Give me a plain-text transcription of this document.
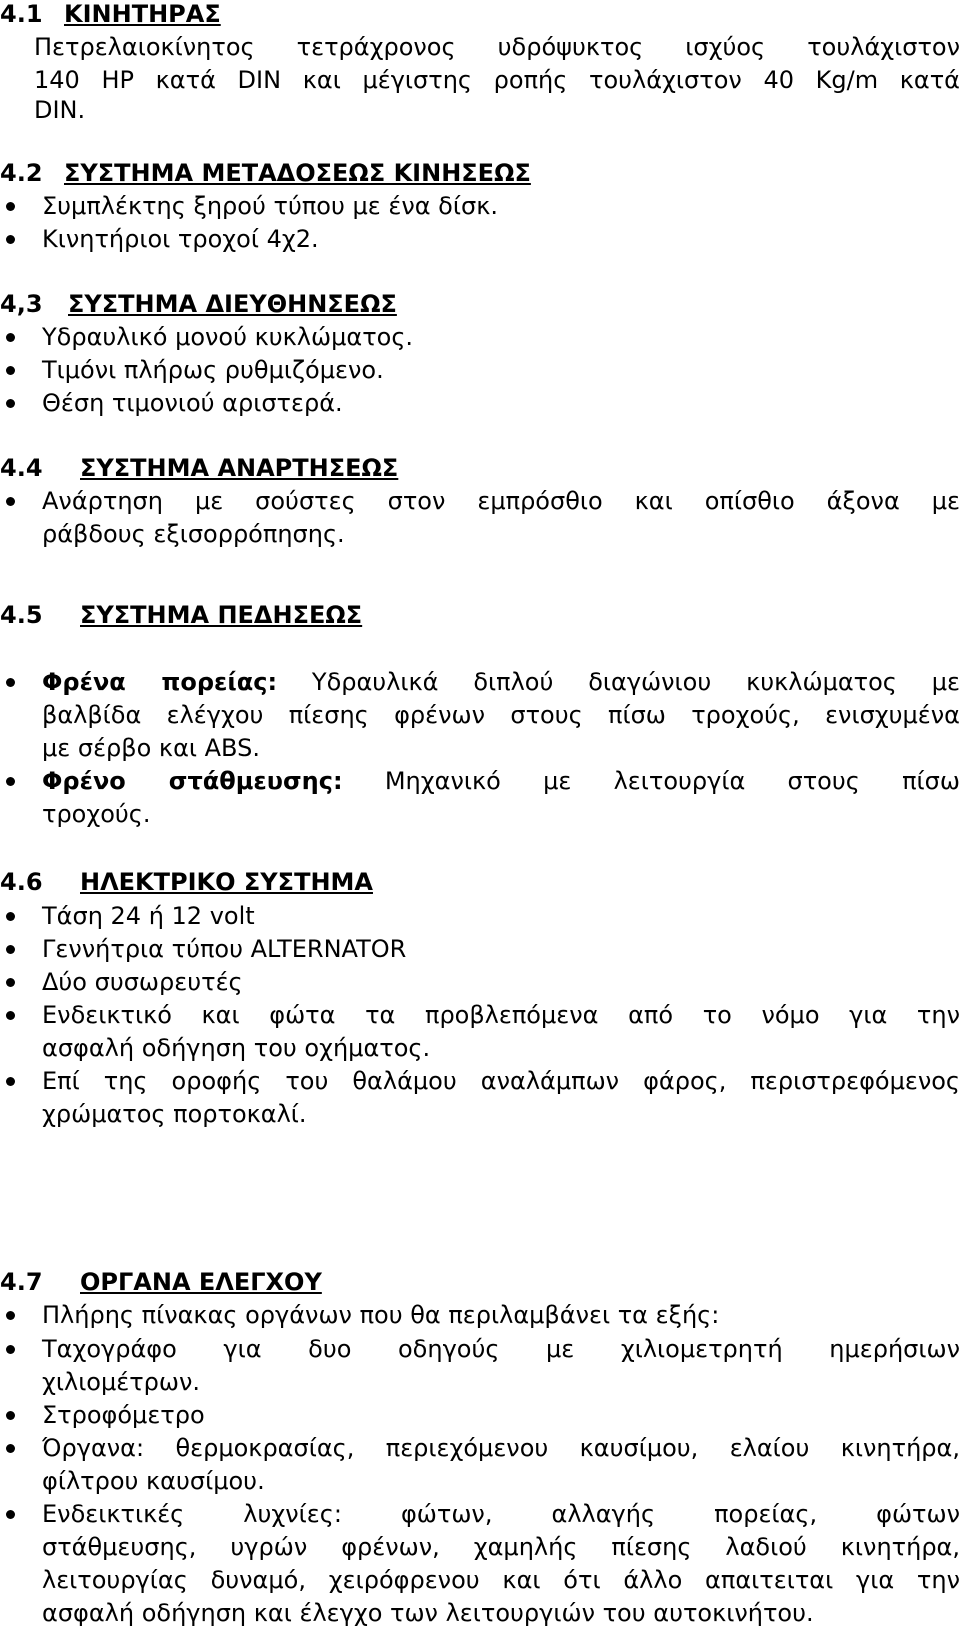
4.1 ΚΙΝΗΤΗΡΑΣ
Πετρελαιοκίνητος τετράχρονος υδρόψυκτος ισχύος τουλάχιστον
140 HP κατά DIN και μέγιστης ροπής τουλάχιστον 40 Kg/m κατά
DIN.
4.2 ΣΥΣΤΗΜΑ ΜΕΤΑΔΟΣΕΩΣ ΚΙΝΗΣΕΩΣ
Συμπλέκτης ξηρού τύπου με ένα δίσκ.
Κινητήριοι τροχοί 4χ2.
4,3 ΣΥΣΤΗΜΑ ΔΙΕΥΘΗΝΣΕΩΣ
Υδραυλικό μονού κυκλώματος.
Τιμόνι πλήρως ρυθμιζόμενο.
Θέση τιμονιού αριστερά.
4.4 ΣΥΣΤΗΜΑ ΑΝΑΡΤΗΣΕΩΣ
Ανάρτηση με σούστες στον εμπρόσθιο και οπίσθιο άξονα με
ράβδους εξισορρόπησης.
4.5 ΣΥΣΤΗΜΑ ΠΕΔΗΣΕΩΣ
Φρένα πορείας: Υδραυλικά διπλού διαγώνιου κυκλώματος με
βαλβίδα ελέγχου πίεσης φρένων στους πίσω τροχούς, ενισχυμένα
με σέρβο και ABS.
Φρένο στάθμευσης: Μηχανικό με λειτουργία στους πίσω
τροχούς.
4.6 ΗΛΕΚΤΡΙΚΟ ΣΥΣΤΗΜΑ
Τάση 24 ή 12 volt
Γεννήτρια τύπου ALTERNATOR
Δύο συσωρευτές
Ενδεικτικό και φώτα τα προβλεπόμενα από το νόμο για την
ασφαλή οδήγηση του οχήματος.
Επί της οροφής του θαλάμου αναλάμπων φάρος, περιστρεφόμενος
χρώματος πορτοκαλί.
4.7 ΟΡΓΑΝΑ ΕΛΕΓΧΟΥ
Πλήρης πίνακας οργάνων που θα περιλαμβάνει τα εξής:
Ταχογράφο για δυο οδηγούς με χιλιομετρητή ημερήσιων
χιλιομέτρων.
Στροφόμετρο
Όργανα: θερμοκρασίας, περιεχόμενου καυσίμου, ελαίου κινητήρα,
φίλτρου καυσίμου.
Ενδεικτικές λυχνίες: φώτων, αλλαγής πορείας, φώτων
στάθμευσης, υγρών φρένων, χαμηλής πίεσης λαδιού κινητήρα,
λειτουργίας δυναμό, χειρόφρενου και ότι άλλο απαιτειται για την
ασφαλή οδήγηση και έλεγχο των λειτουργιών του αυτοκινήτου.
